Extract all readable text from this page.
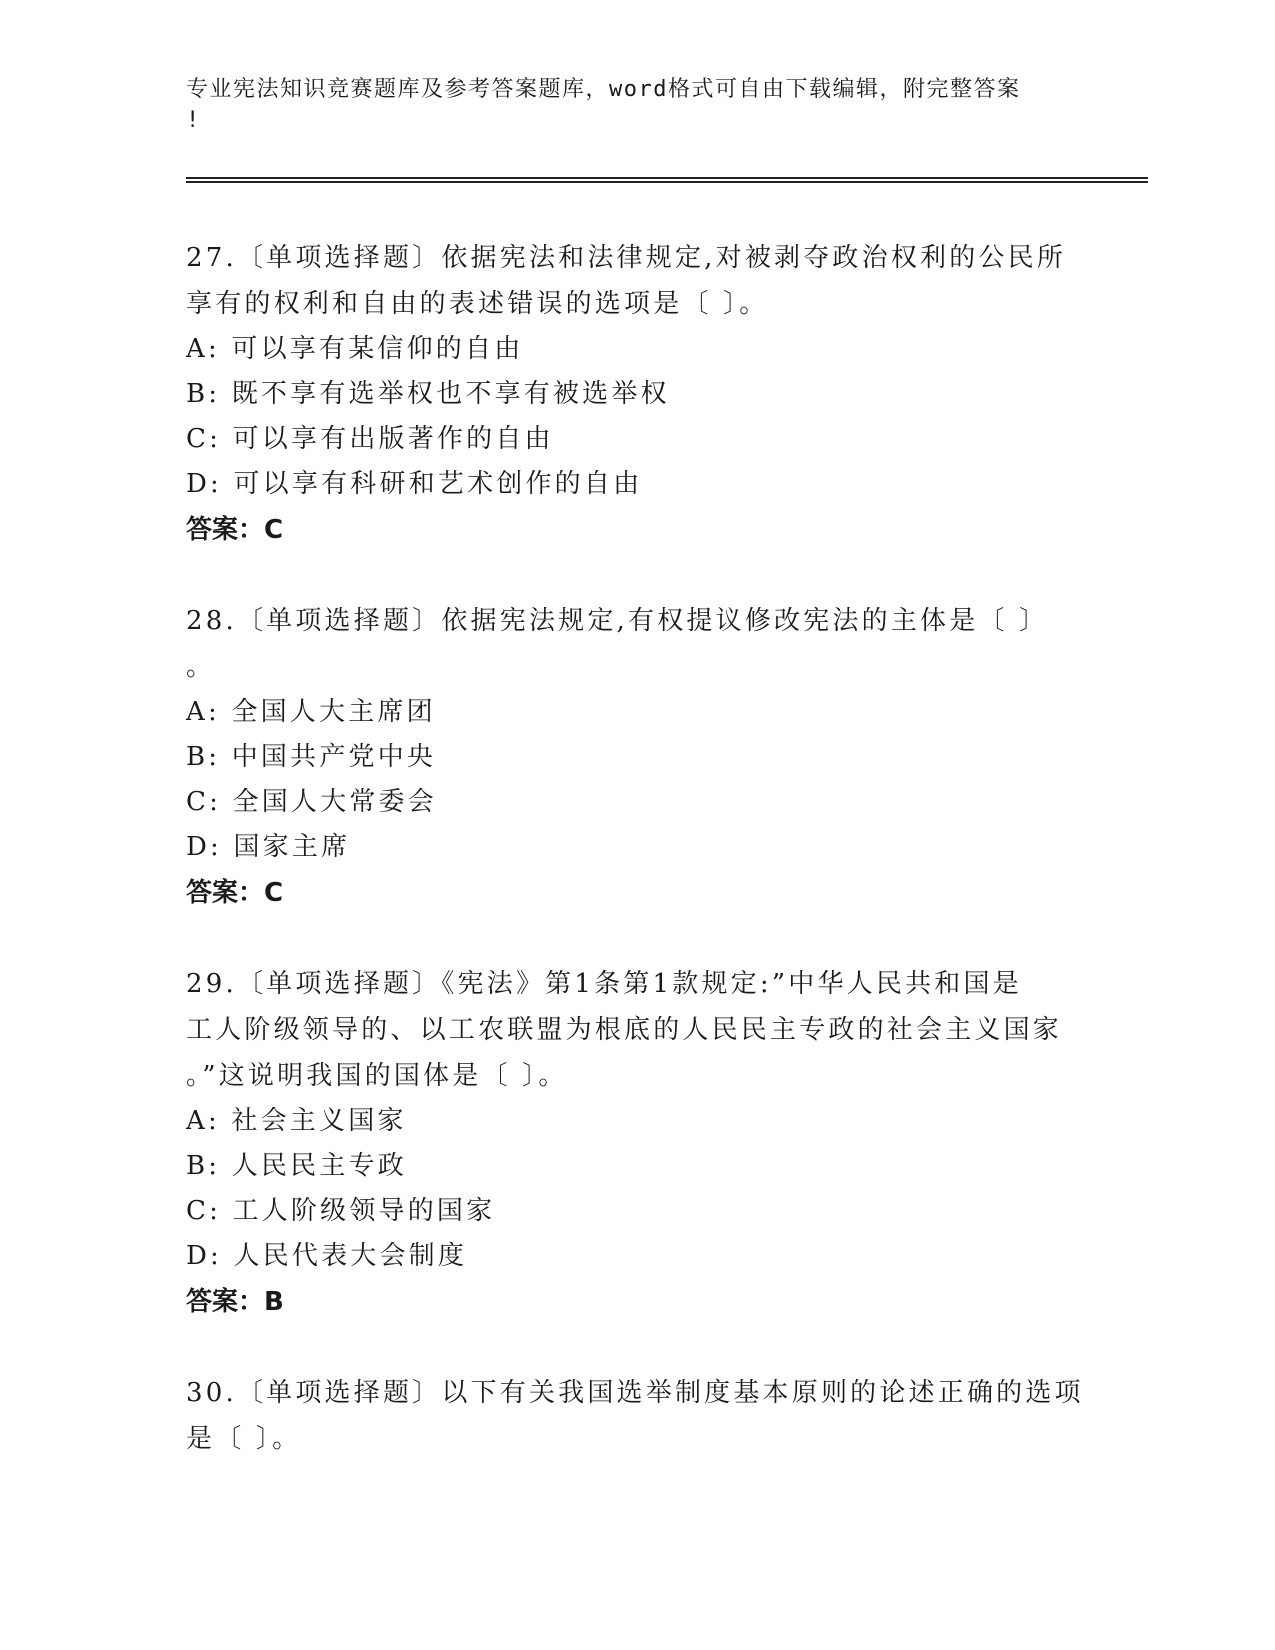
专业宪法知识竞赛题库及参考答案题库，word格式可自由下载编辑，附完整答案
!
27.〔单项选择题〕依据宪法和法律规定,对被剥夺政治权利的公民所
享有的权利和自由的表述错误的选项是〔 〕。
A: 可以享有某信仰的自由
B: 既不享有选举权也不享有被选举权
C: 可以享有出版著作的自由
D: 可以享有科研和艺术创作的自由
答案：C
28.〔单项选择题〕依据宪法规定,有权提议修改宪法的主体是〔 〕
。
A: 全国人大主席团
B: 中国共产党中央
C: 全国人大常委会
D: 国家主席
答案：C
29.〔单项选择题〕《宪法》第1条第1款规定:”中华人民共和国是
工人阶级领导的、以工农联盟为根底的人民民主专政的社会主义国家
。”这说明我国的国体是〔 〕。
A: 社会主义国家
B: 人民民主专政
C: 工人阶级领导的国家
D: 人民代表大会制度
答案：B
30.〔单项选择题〕以下有关我国选举制度基本原则的论述正确的选项
是〔 〕。
